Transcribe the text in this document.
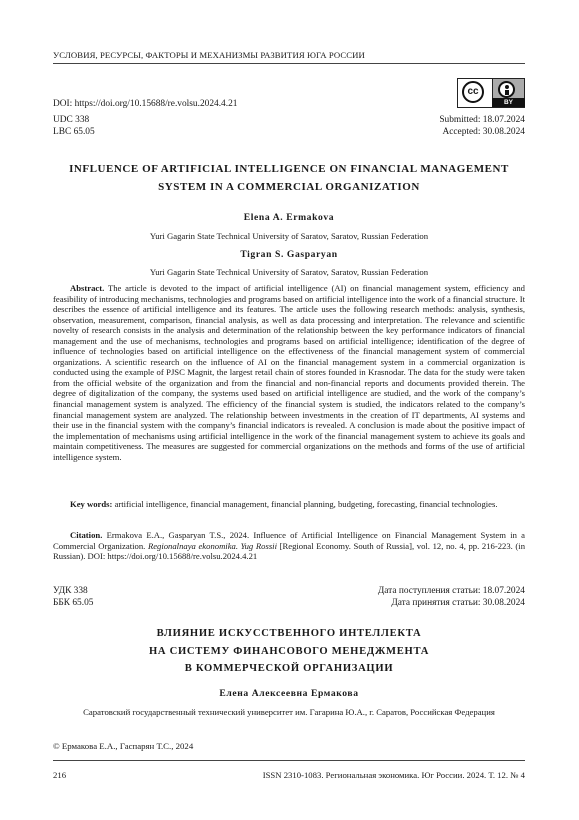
УСЛОВИЯ, РЕСУРСЫ, ФАКТОРЫ И МЕХАНИЗМЫ РАЗВИТИЯ ЮГА РОССИИ
cc
BY
DOI: https://doi.org/10.15688/re.volsu.2024.4.21
UDC 338
LBC 65.05
Submitted: 18.07.2024
Accepted: 30.08.2024
INFLUENCE OF ARTIFICIAL INTELLIGENCE ON FINANCIAL MANAGEMENT
SYSTEM IN A COMMERCIAL ORGANIZATION
Elena A. Ermakova
Yuri Gagarin State Technical University of Saratov, Saratov, Russian Federation
Tigran S. Gasparyan
Yuri Gagarin State Technical University of Saratov, Saratov, Russian Federation
Abstract. The article is devoted to the impact of artificial intelligence (AI) on financial management system, efficiency and feasibility of introducing mechanisms, technologies and programs based on artificial intelligence into the work of a financial structure. It describes the essence of artificial intelligence and its features. The article uses the following research methods: analysis, synthesis, observation, measurement, comparison, financial analysis, as well as data processing and interpretation. The relevance and scientific novelty of research consists in the analysis and determination of the relationship between the key performance indicators of financial management and the use of mechanisms, technologies and programs based on artificial intelligence; identification of the degree of influence of technologies based on artificial intelligence on the effectiveness of the financial management system of commercial organizations. A scientific research on the influence of AI on the financial management system in a commercial organization is conducted using the example of PJSC Magnit, the largest retail chain of stores founded in Krasnodar. The data for the study were taken from the official website of the organization and from the financial and non-financial reports and documents provided therein. The degree of digitalization of the company, the systems used based on artificial intelligence are studied, and the work of the company’s financial management system is analyzed. The efficiency of the financial system is studied, the indicators related to the company’s financial management system are analyzed. The relationship between investments in the creation of IT departments, AI systems and their use in the financial system with the company’s financial indicators is revealed. A conclusion is made about the positive impact of the implementation of mechanisms using artificial intelligence in the work of the financial management system to achieve its goals and maintain competitiveness. The measures are suggested for commercial organizations on the methods and forms of the use of artificial intelligence system.
Key words: artificial intelligence, financial management, financial planning, budgeting, forecasting, financial technologies.
Citation. Ermakova E.A., Gasparyan T.S., 2024. Influence of Artificial Intelligence on Financial Management System in a Commercial Organization. Regionalnaya ekonomika. Yug Rossii [Regional Economy. South of Russia], vol. 12, no. 4, pp. 216-223. (in Russian). DOI: https://doi.org/10.15688/re.volsu.2024.4.21
УДК 338
ББК 65.05
Дата поступления статьи: 18.07.2024
Дата принятия статьи: 30.08.2024
ВЛИЯНИЕ ИСКУССТВЕННОГО ИНТЕЛЛЕКТА
НА СИСТЕМУ ФИНАНСОВОГО МЕНЕДЖМЕНТА
В КОММЕРЧЕСКОЙ ОРГАНИЗАЦИИ
Елена Алексеевна Ермакова
Саратовский государственный технический университет им. Гагарина Ю.А., г. Саратов, Российская Федерация
© Ермакова Е.А., Гаспарян Т.С., 2024
216	ISSN 2310-1083. Региональная экономика. Юг России. 2024. Т. 12. № 4
